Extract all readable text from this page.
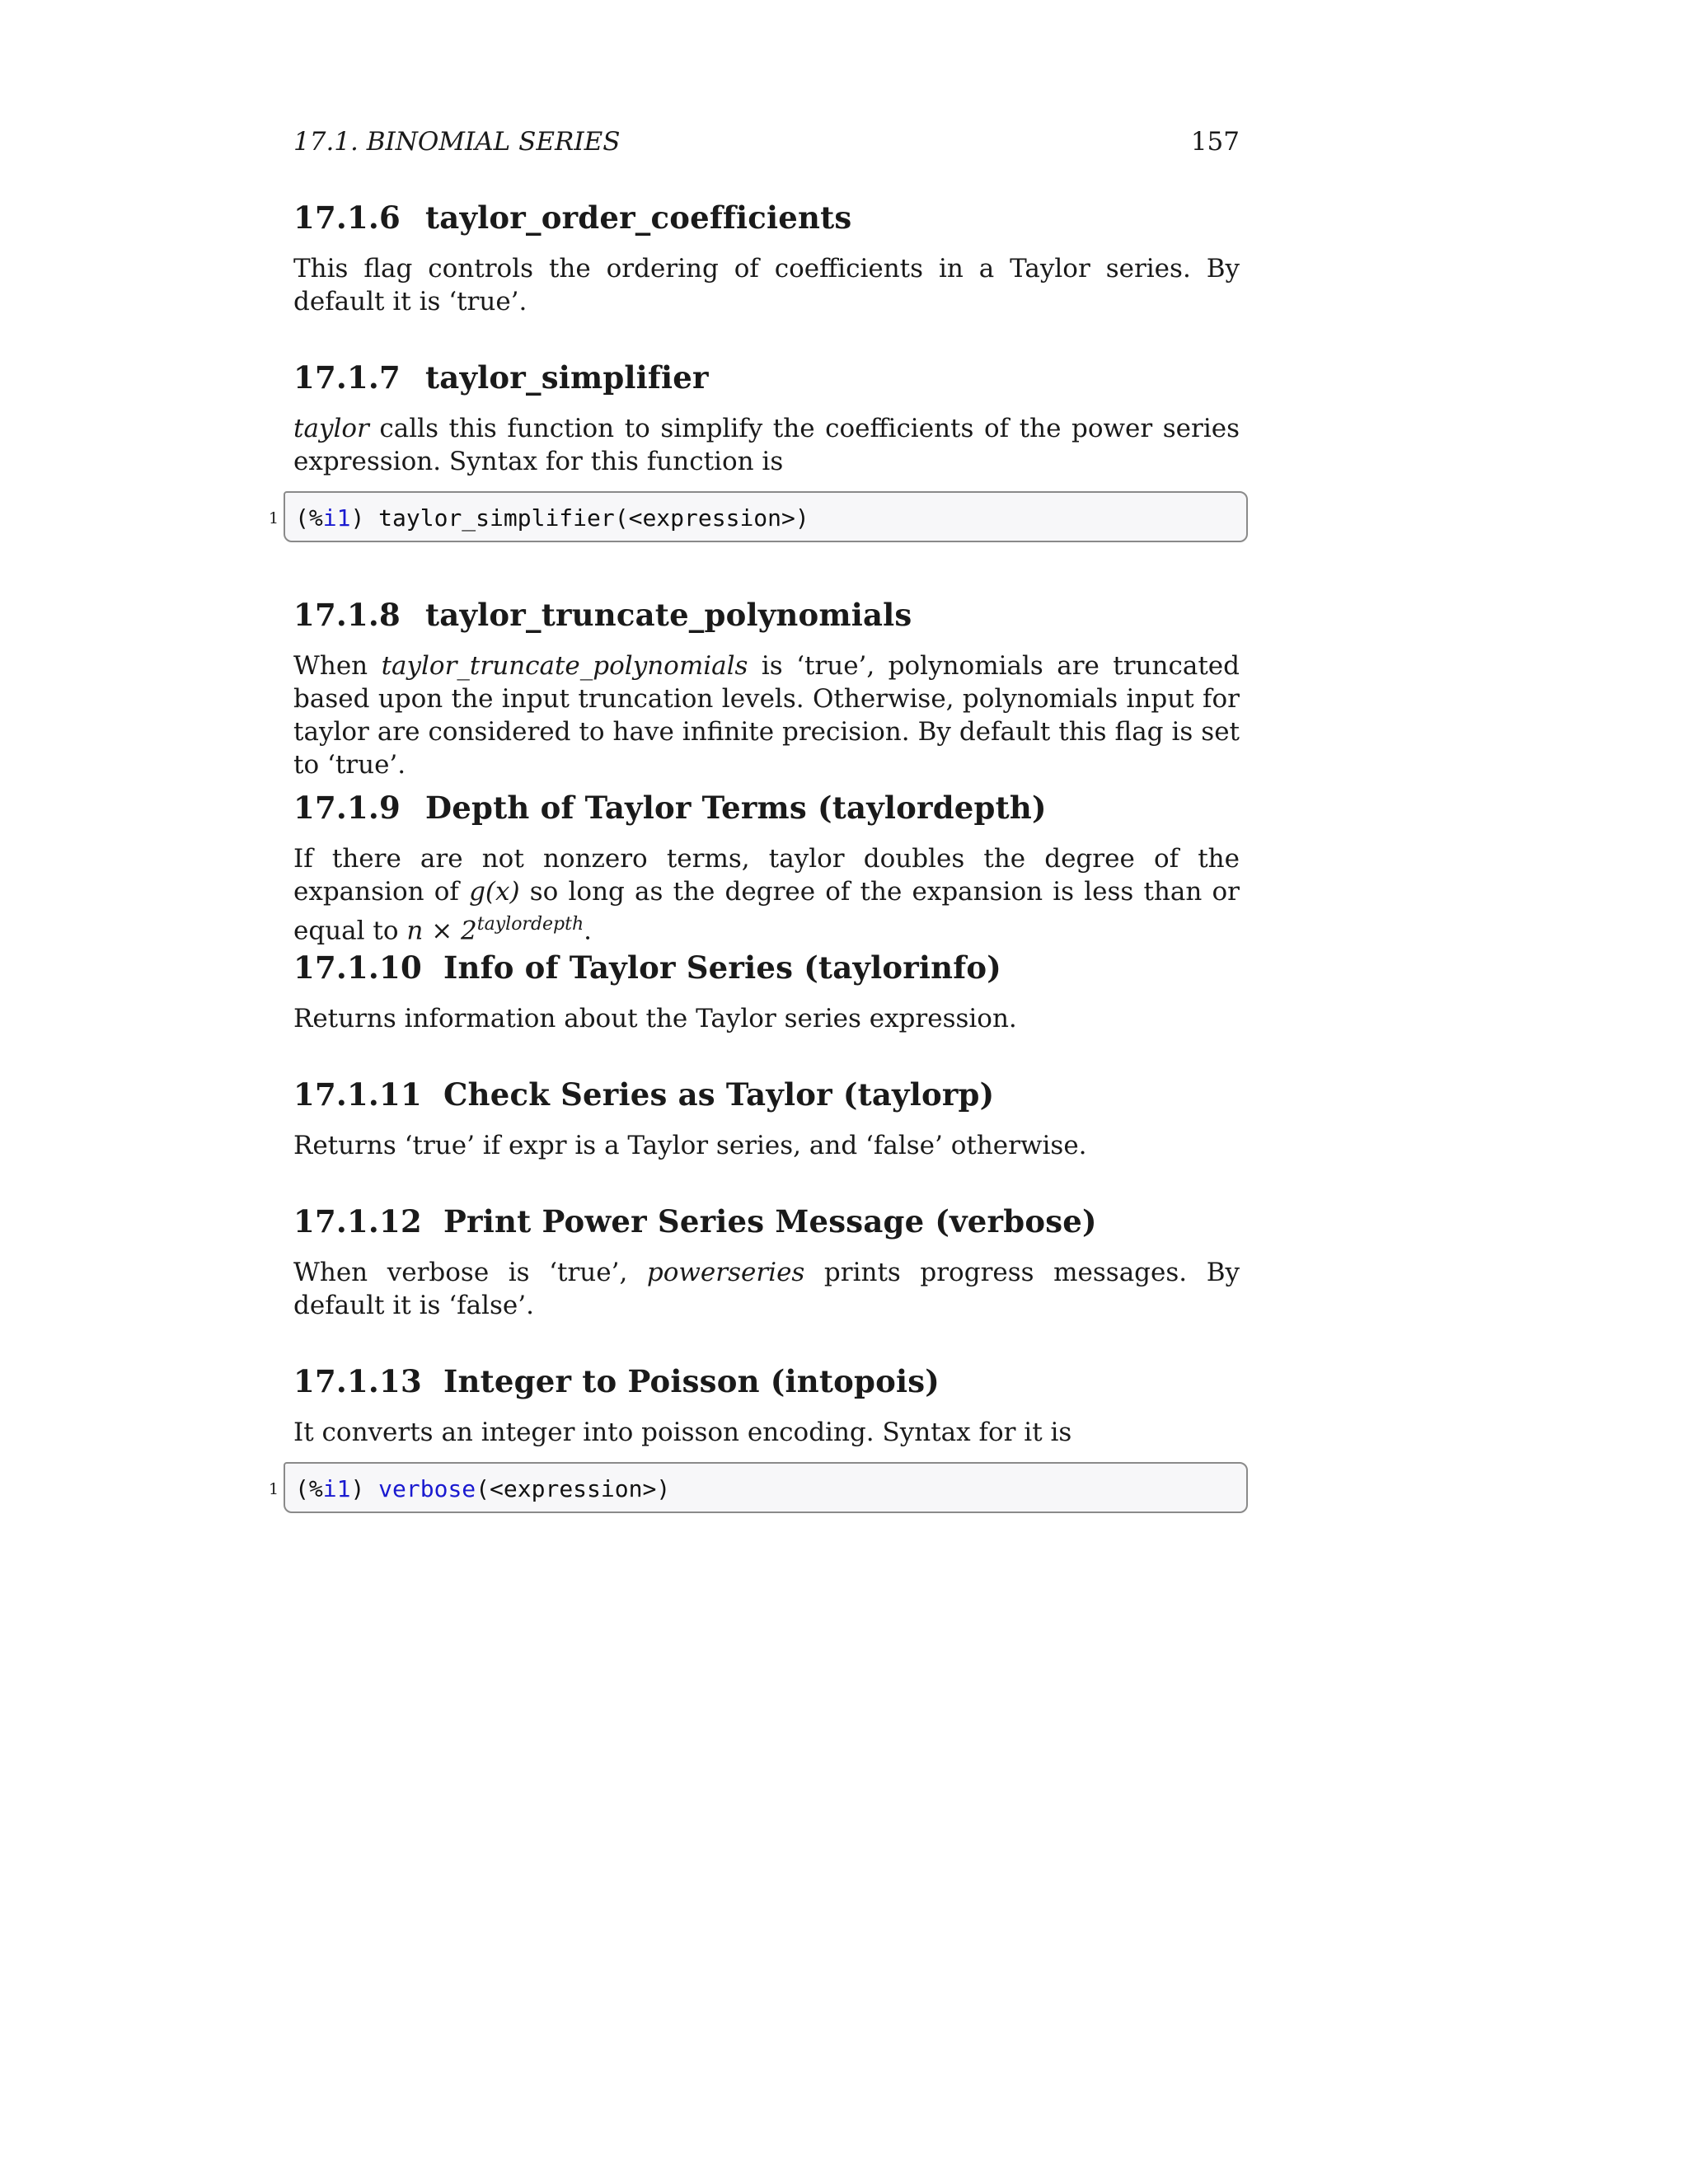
17.1. BINOMIAL SERIES	157
17.1.6 taylor_order_coefficients

This flag controls the ordering of coefficients in a Taylor series. By default it is ‘true’.

17.1.7 taylor_simplifier

taylor calls this function to simplify the coefficients of the power series expression. Syntax for this function is

1 (%i1) taylor_simplifier(<expression>)
17.1.8 taylor_truncate_polynomials

When taylor_truncate_polynomials is ‘true’, polynomials are truncated based upon the input truncation levels. Otherwise, polynomials input for taylor are considered to have infinite precision. By default this flag is set to ‘true’.

17.1.9 Depth of Taylor Terms (taylordepth)

If there are not nonzero terms, taylor doubles the degree of the expansion of g(x) so long as the degree of the expansion is less than or equal to $n \times 2^{taylordepth}$.

17.1.10 Info of Taylor Series (taylorinfo)

Returns information about the Taylor series expression.

17.1.11 Check Series as Taylor (taylorp)

Returns ‘true’ if expr is a Taylor series, and ‘false’ otherwise.

17.1.12 Print Power Series Message (verbose)

When verbose is ‘true’, powerseries prints progress messages. By default it is ‘false’.

17.1.13 Integer to Poisson (intopois)

It converts an integer into poisson encoding. Syntax for it is

1 (%i1) verbose(<expression>)
